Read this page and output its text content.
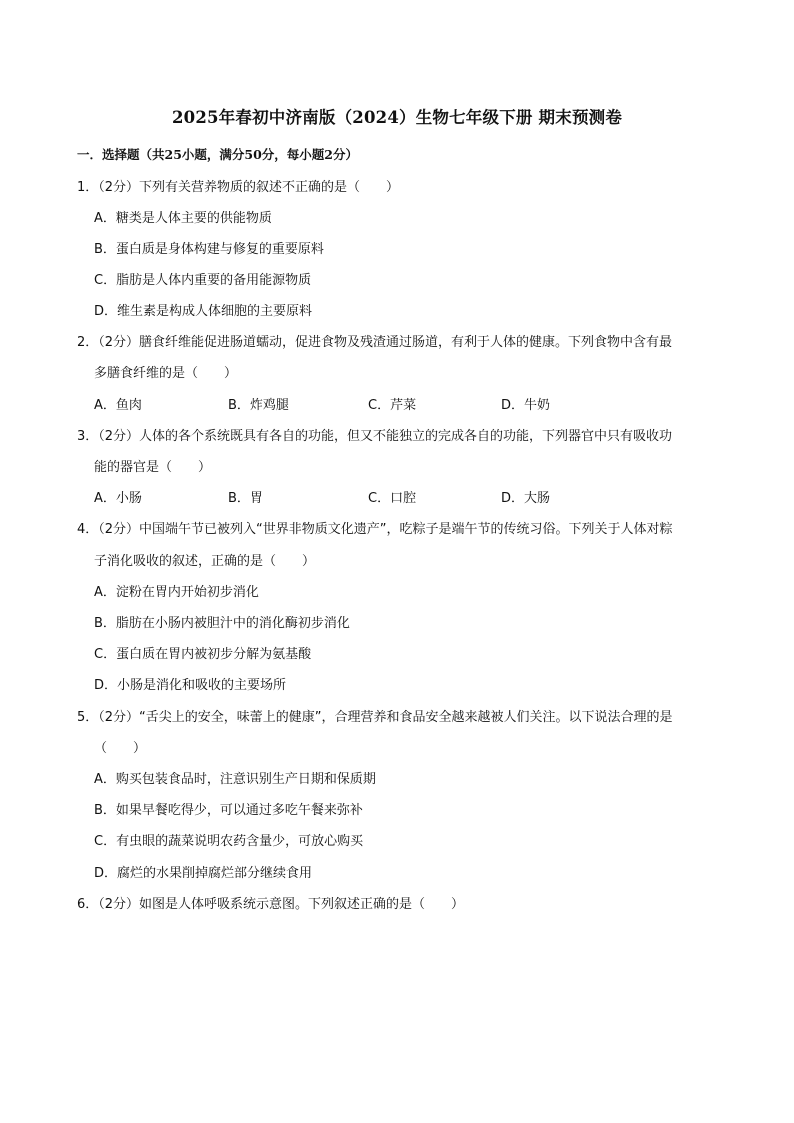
2025年春初中济南版（2024）生物七年级下册 期末预测卷
一．选择题（共25小题，满分50分，每小题2分）
1．（2分）下列有关营养物质的叙述不正确的是（　　）
A．糖类是人体主要的供能物质
B．蛋白质是身体构建与修复的重要原料
C．脂肪是人体内重要的备用能源物质
D．维生素是构成人体细胞的主要原料
2．（2分）膳食纤维能促进肠道蠕动，促进食物及残渣通过肠道，有利于人体的健康。下列食物中含有最
多膳食纤维的是（　　）
A．鱼肉	B．炸鸡腿	C．芹菜	D．牛奶
3．（2分）人体的各个系统既具有各自的功能，但又不能独立的完成各自的功能，下列器官中只有吸收功
能的器官是（　　）
A．小肠	B．胃	C．口腔	D．大肠
4．（2分）中国端午节已被列入“世界非物质文化遗产”，吃粽子是端午节的传统习俗。下列关于人体对粽
子消化吸收的叙述，正确的是（　　）
A．淀粉在胃内开始初步消化
B．脂肪在小肠内被胆汁中的消化酶初步消化
C．蛋白质在胃内被初步分解为氨基酸
D．小肠是消化和吸收的主要场所
5．（2分）“舌尖上的安全，味蕾上的健康”，合理营养和食品安全越来越被人们关注。以下说法合理的是
（　　）
A．购买包装食品时，注意识别生产日期和保质期
B．如果早餐吃得少，可以通过多吃午餐来弥补
C．有虫眼的蔬菜说明农药含量少，可放心购买
D．腐烂的水果削掉腐烂部分继续食用
6．（2分）如图是人体呼吸系统示意图。下列叙述正确的是（　　）
